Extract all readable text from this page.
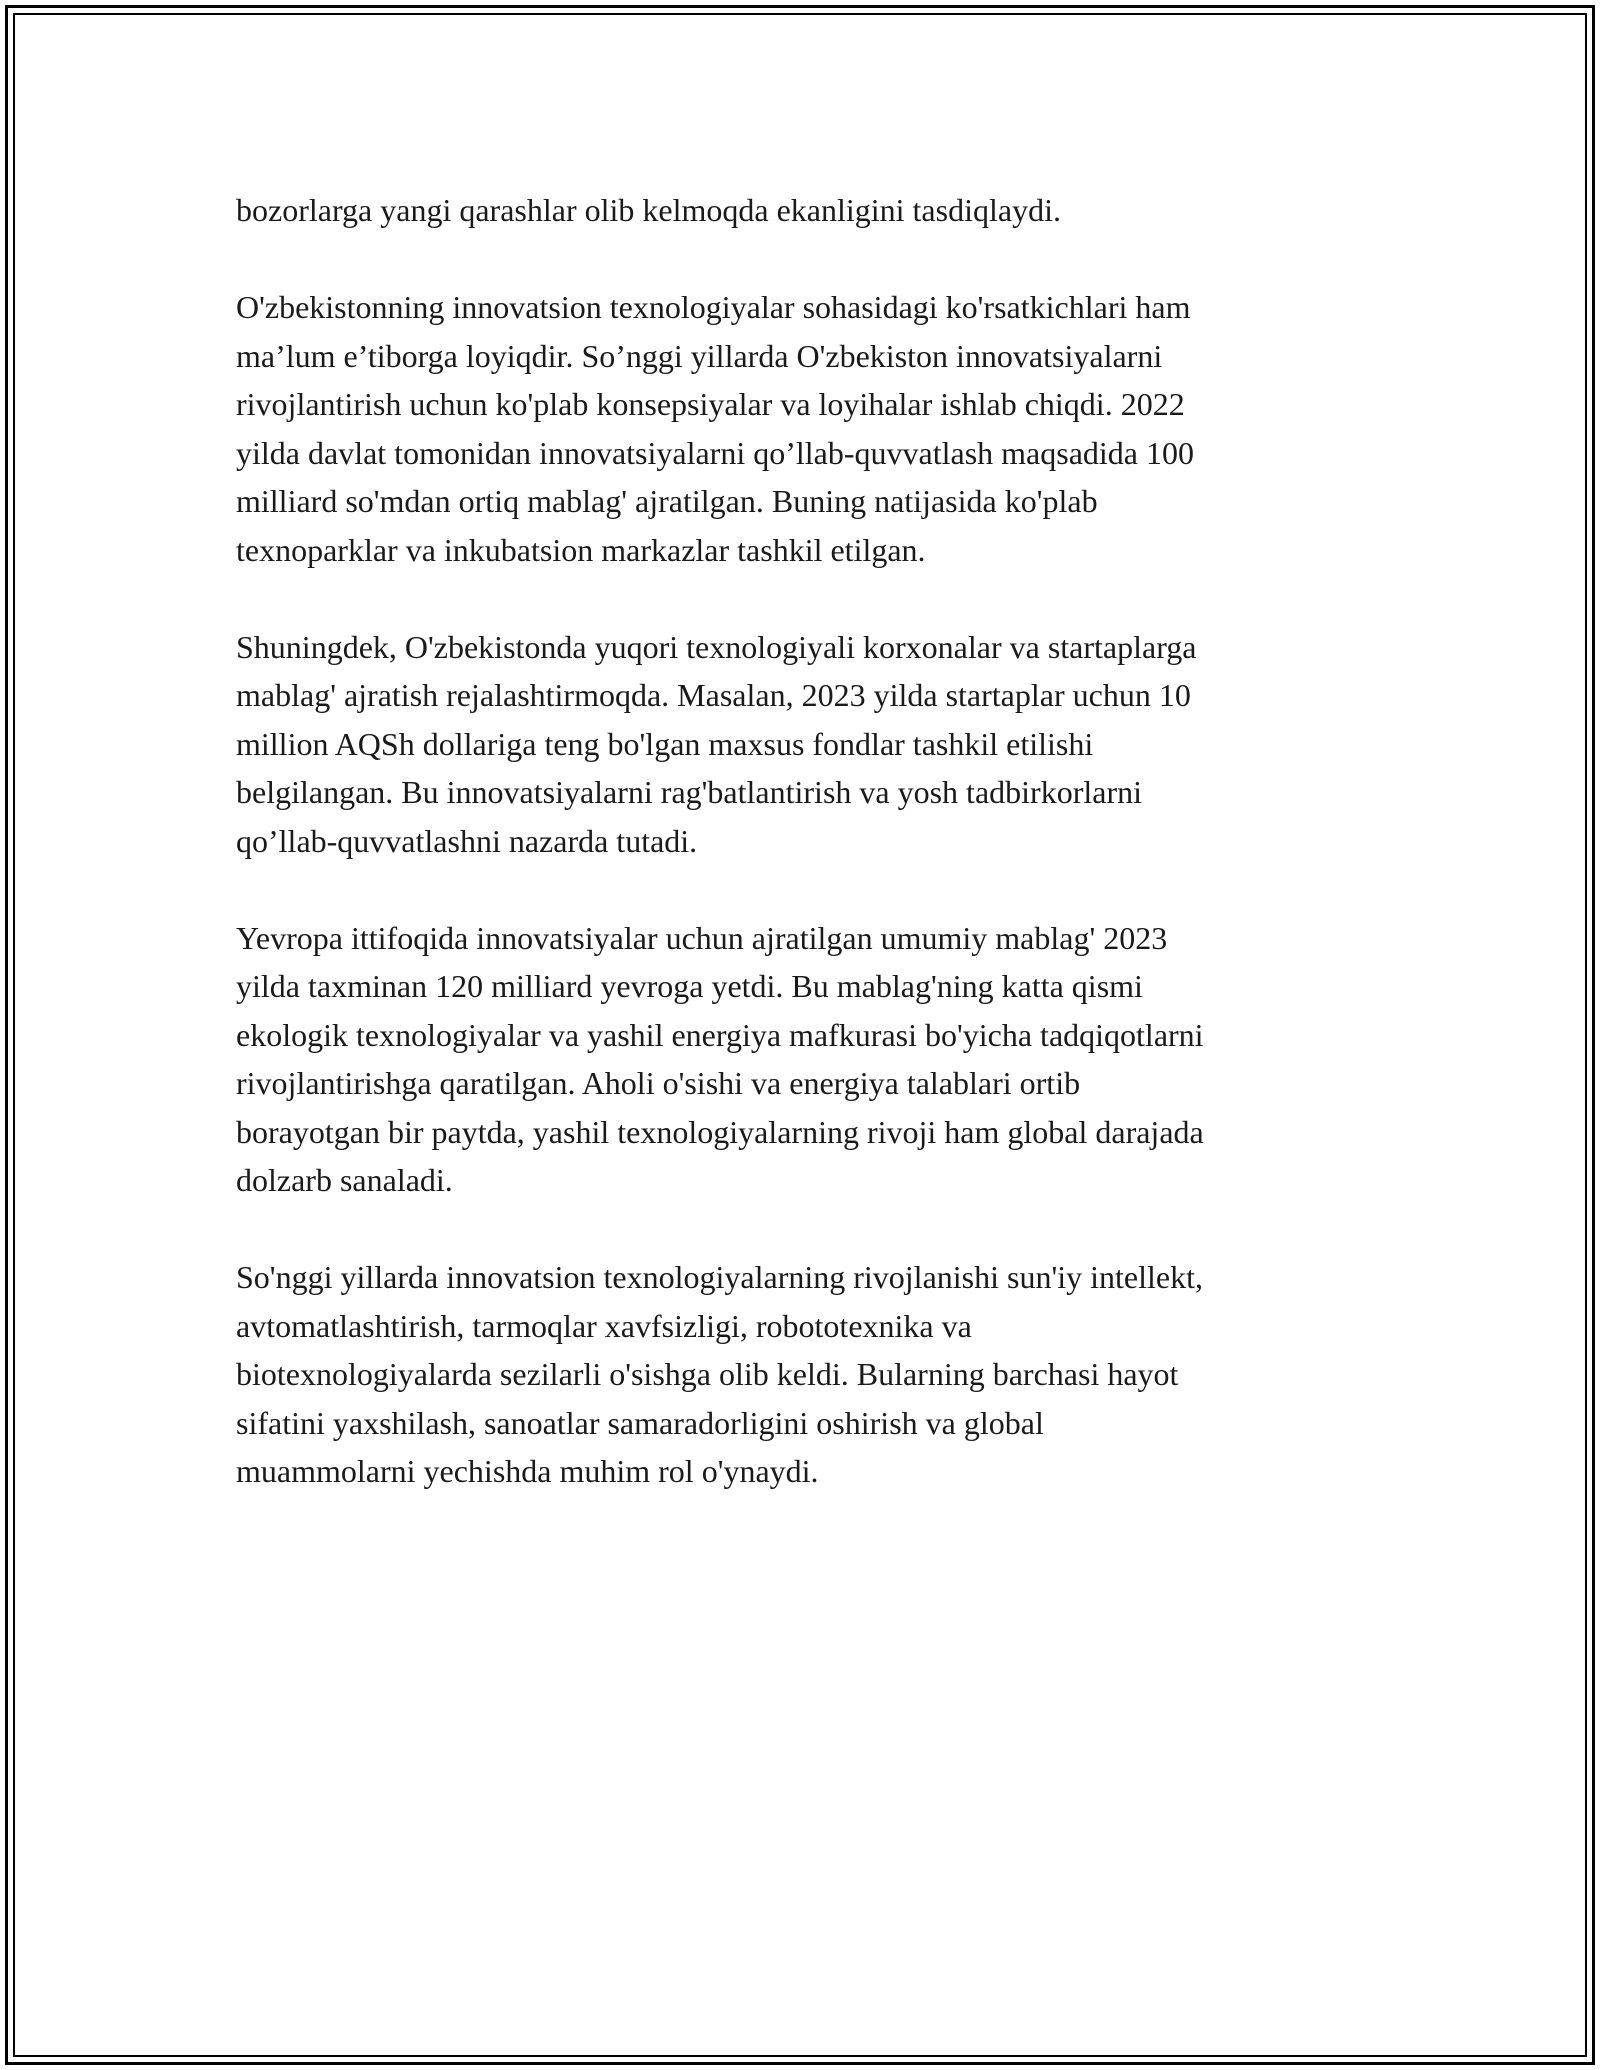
bozorlarga yangi qarashlar olib kelmoqda ekanligini tasdiqlaydi.

O'zbekistonning innovatsion texnologiyalar sohasidagi ko'rsatkichlari ham
ma’lum e’tiborga loyiqdir. So’nggi yillarda O'zbekiston innovatsiyalarni
rivojlantirish uchun ko'plab konsepsiyalar va loyihalar ishlab chiqdi. 2022
yilda davlat tomonidan innovatsiyalarni qo’llab-quvvatlash maqsadida 100
milliard so'mdan ortiq mablag' ajratilgan. Buning natijasida ko'plab
texnoparklar va inkubatsion markazlar tashkil etilgan.

Shuningdek, O'zbekistonda yuqori texnologiyali korxonalar va startaplarga
mablag' ajratish rejalashtirmoqda. Masalan, 2023 yilda startaplar uchun 10
million AQSh dollariga teng bo'lgan maxsus fondlar tashkil etilishi
belgilangan. Bu innovatsiyalarni rag'batlantirish va yosh tadbirkorlarni
qo’llab-quvvatlashni nazarda tutadi.

Yevropa ittifoqida innovatsiyalar uchun ajratilgan umumiy mablag' 2023
yilda taxminan 120 milliard yevroga yetdi. Bu mablag'ning katta qismi
ekologik texnologiyalar va yashil energiya mafkurasi bo'yicha tadqiqotlarni
rivojlantirishga qaratilgan. Aholi o'sishi va energiya talablari ortib
borayotgan bir paytda, yashil texnologiyalarning rivoji ham global darajada
dolzarb sanaladi.

So'nggi yillarda innovatsion texnologiyalarning rivojlanishi sun'iy intellekt,
avtomatlashtirish, tarmoqlar xavfsizligi, robototexnika va
biotexnologiyalarda sezilarli o'sishga olib keldi. Bularning barchasi hayot
sifatini yaxshilash, sanoatlar samaradorligini oshirish va global
muammolarni yechishda muhim rol o'ynaydi.
